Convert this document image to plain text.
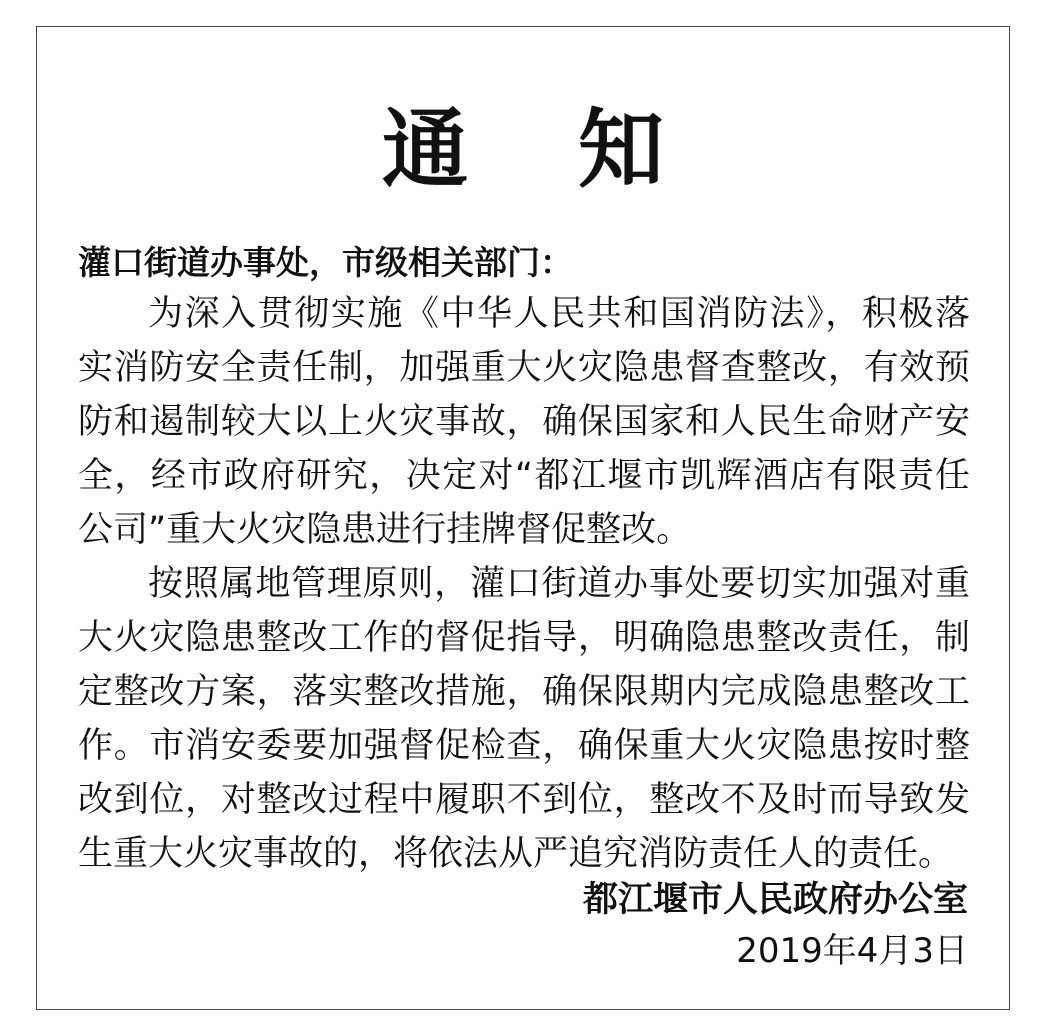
通 知
灌口街道办事处，市级相关部门：

为深入贯彻实施《中华人民共和国消防法》，积极落实消防安全责任制，加强重大火灾隐患督查整改，有效预防和遏制较大以上火灾事故，确保国家和人民生命财产安全，经市政府研究，决定对“都江堰市凯辉酒店有限责任公司”重大火灾隐患进行挂牌督促整改。

按照属地管理原则，灌口街道办事处要切实加强对重大火灾隐患整改工作的督促指导，明确隐患整改责任，制定整改方案，落实整改措施，确保限期内完成隐患整改工作。市消安委要加强督促检查，确保重大火灾隐患按时整改到位，对整改过程中履职不到位，整改不及时而导致发生重大火灾事故的，将依法从严追究消防责任人的责任。

都江堰市人民政府办公室
2019年4月3日
